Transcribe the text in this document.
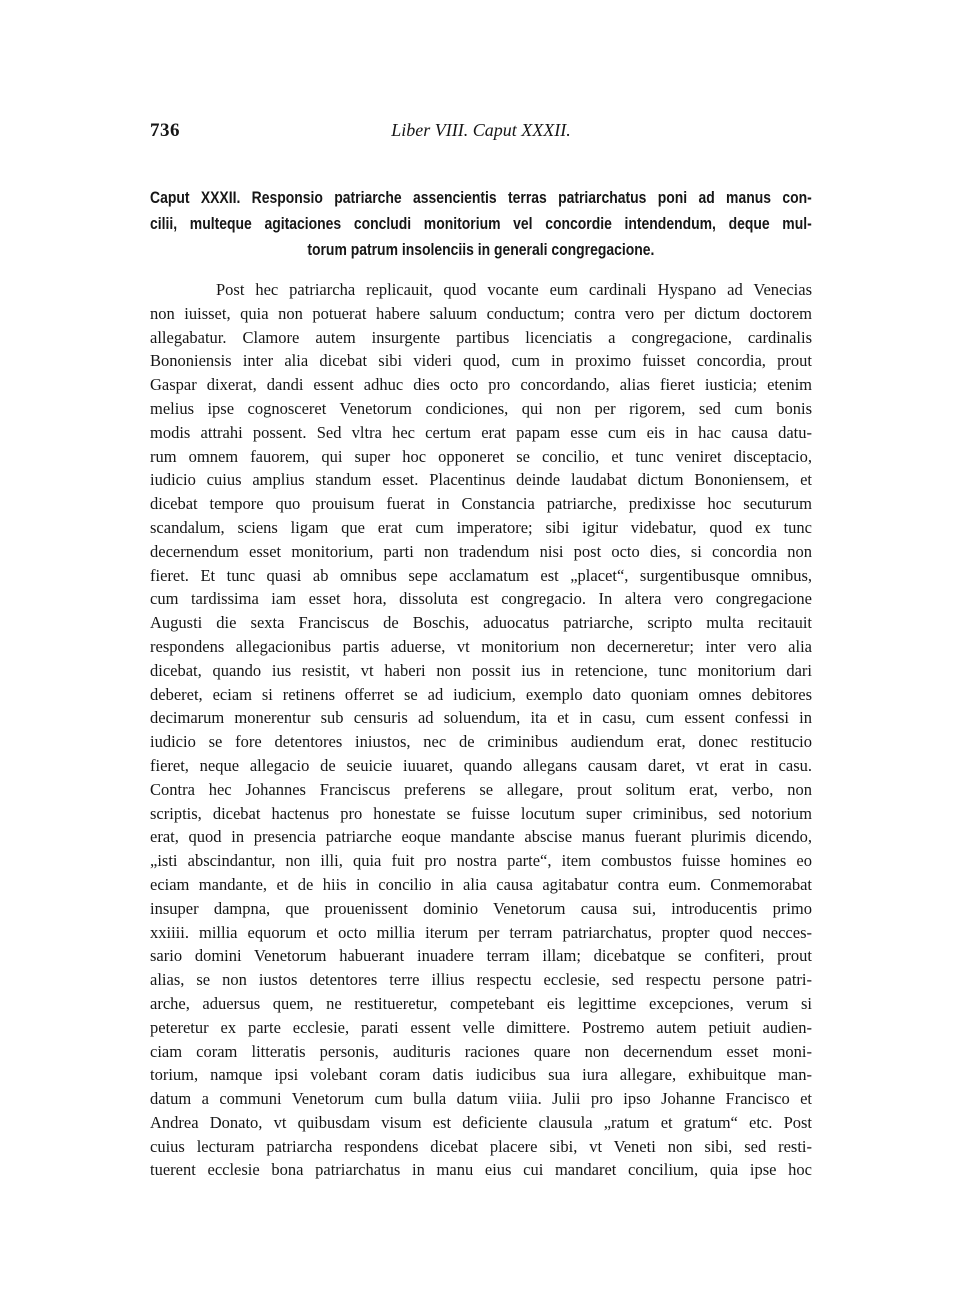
736	Liber VIII. Caput XXXII.
Caput XXXII. Responsio patriarche assencientis terras patriarchatus poni ad manus con-
cilii, multeque agitaciones concludi monitorium vel concordie intendendum, deque mul-
torum patrum insolenciis in generali congregacione.
Post hec patriarcha replicauit, quod vocante eum cardinali Hyspano ad Venecias
non iuisset, quia non potuerat habere saluum conductum; contra vero per dictum doctorem
allegabatur. Clamore autem insurgente partibus licenciatis a congregacione, cardinalis
Bononiensis inter alia dicebat sibi videri quod, cum in proximo fuisset concordia, prout
Gaspar dixerat, dandi essent adhuc dies octo pro concordando, alias fieret iusticia; etenim
melius ipse cognosceret Venetorum condiciones, qui non per rigorem, sed cum bonis
modis attrahi possent. Sed vltra hec certum erat papam esse cum eis in hac causa datu-
rum omnem fauorem, qui super hoc opponeret se concilio, et tunc veniret disceptacio,
iudicio cuius amplius standum esset. Placentinus deinde laudabat dictum Bononiensem, et
dicebat tempore quo prouisum fuerat in Constancia patriarche, predixisse hoc secuturum
scandalum, sciens ligam que erat cum imperatore; sibi igitur videbatur, quod ex tunc
decernendum esset monitorium, parti non tradendum nisi post octo dies, si concordia non
fieret. Et tunc quasi ab omnibus sepe acclamatum est „placet“, surgentibusque omnibus,
cum tardissima iam esset hora, dissoluta est congregacio. In altera vero congregacione
Augusti die sexta Franciscus de Boschis, aduocatus patriarche, scripto multa recitauit
respondens allegacionibus partis aduerse, vt monitorium non decerneretur; inter vero alia
dicebat, quando ius resistit, vt haberi non possit ius in retencione, tunc monitorium dari
deberet, eciam si retinens offerret se ad iudicium, exemplo dato quoniam omnes debitores
decimarum monerentur sub censuris ad soluendum, ita et in casu, cum essent confessi in
iudicio se fore detentores iniustos, nec de criminibus audiendum erat, donec restitucio
fieret, neque allegacio de seuicie iuuaret, quando allegans causam daret, vt erat in casu.
Contra hec Johannes Franciscus preferens se allegare, prout solitum erat, verbo, non
scriptis, dicebat hactenus pro honestate se fuisse locutum super criminibus, sed notorium
erat, quod in presencia patriarche eoque mandante abscise manus fuerant plurimis dicendo,
„isti abscindantur, non illi, quia fuit pro nostra parte“, item combustos fuisse homines eo
eciam mandante, et de hiis in concilio in alia causa agitabatur contra eum. Conmemorabat
insuper dampna, que prouenissent dominio Venetorum causa sui, introducentis primo
xxiiii. millia equorum et octo millia iterum per terram patriarchatus, propter quod necces-
sario domini Venetorum habuerant inuadere terram illam; dicebatque se confiteri, prout
alias, se non iustos detentores terre illius respectu ecclesie, sed respectu persone patri-
arche, aduersus quem, ne restitueretur, competebant eis legittime excepciones, verum si
peteretur ex parte ecclesie, parati essent velle dimittere. Postremo autem petiuit audien-
ciam coram litteratis personis, audituris raciones quare non decernendum esset moni-
torium, namque ipsi volebant coram datis iudicibus sua iura allegare, exhibuitque man-
datum a communi Venetorum cum bulla datum viiia. Julii pro ipso Johanne Francisco et
Andrea Donato, vt quibusdam visum est deficiente clausula „ratum et gratum“ etc. Post
cuius lecturam patriarcha respondens dicebat placere sibi, vt Veneti non sibi, sed resti-
tuerent ecclesie bona patriarchatus in manu eius cui mandaret concilium, quia ipse hoc
